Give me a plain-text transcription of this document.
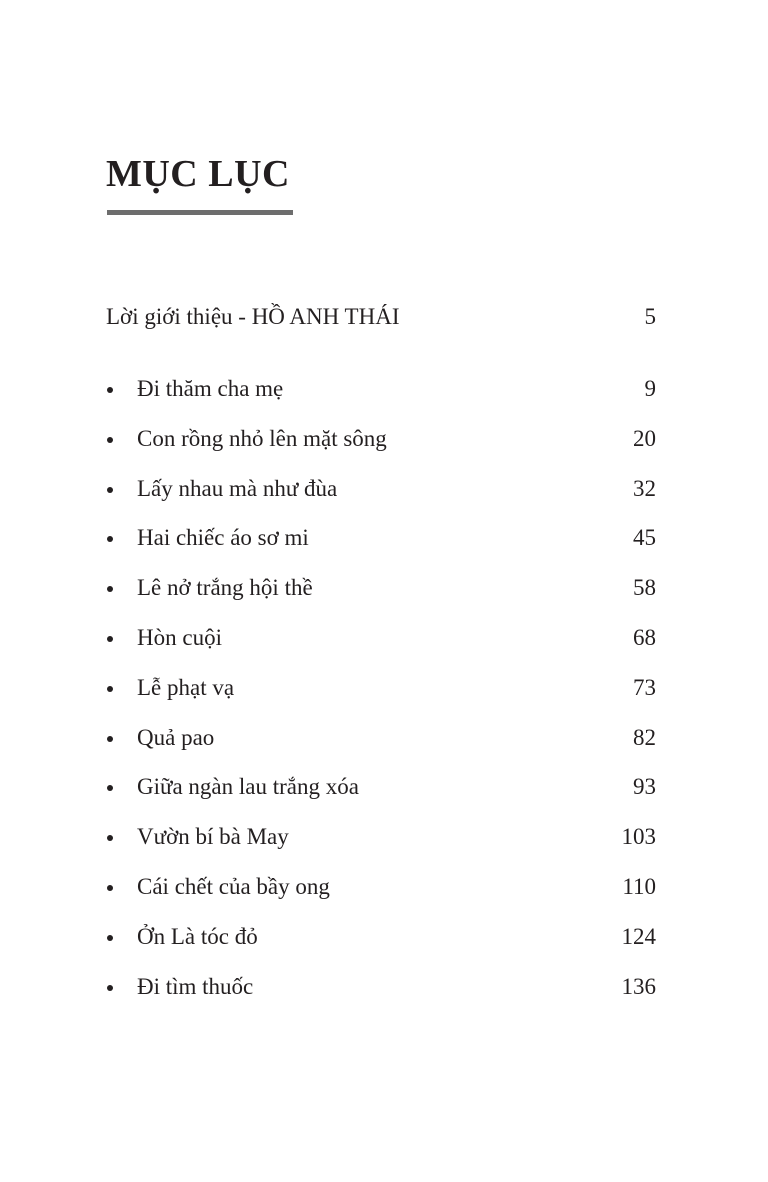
MỤC LỤC
Lời giới thiệu - HỒ ANH THÁI	5
Đi thăm cha mẹ	9
Con rồng nhỏ lên mặt sông	20
Lấy nhau mà như đùa	32
Hai chiếc áo sơ mi	45
Lê nở trắng hội thề	58
Hòn cuội	68
Lễ phạt vạ	73
Quả pao	82
Giữa ngàn lau trắng xóa	93
Vườn bí bà May	103
Cái chết của bầy ong	110
Ởn Là tóc đỏ	124
Đi tìm thuốc	136
